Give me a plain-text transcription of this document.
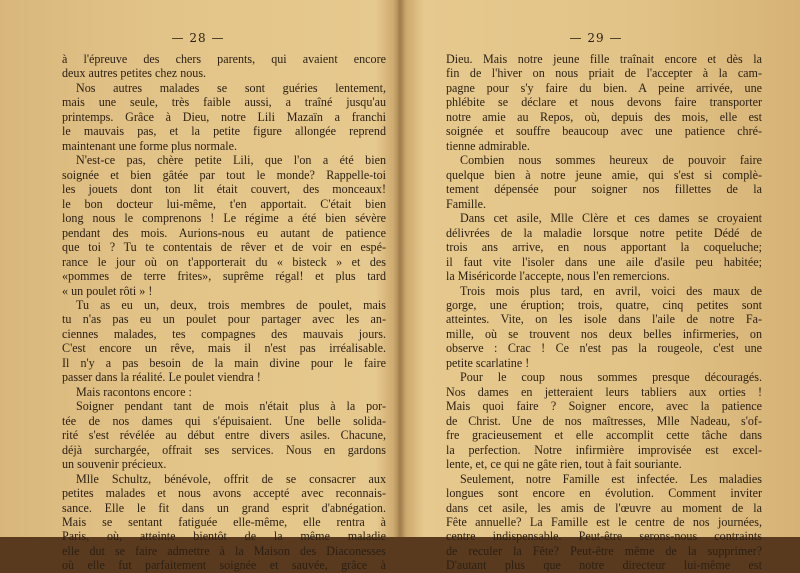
— 28 —
à l'épreuve des chers parents, qui avaient encore
deux autres petites chez nous.
Nos autres malades se sont guéries lentement,
mais une seule, très faible aussi, a traîné jusqu'au
printemps. Grâce à Dieu, notre Lili Mazaïn a franchi
le mauvais pas, et la petite figure allongée reprend
maintenant une forme plus normale.
N'est-ce pas, chère petite Lili, que l'on a été bien
soignée et bien gâtée par tout le monde? Rappelle-toi
les jouets dont ton lit était couvert, des monceaux!
le bon docteur lui-même, t'en apportait. C'était bien
long nous le comprenons ! Le régime a été bien sévère
pendant des mois. Aurions-nous eu autant de patience
que toi ? Tu te contentais de rêver et de voir en espé-
rance le jour où on t'apporterait du « bisteck » et des
«pommes de terre frites», suprême régal! et plus tard
« un poulet rôti » !
Tu as eu un, deux, trois membres de poulet, mais
tu n'as pas eu un poulet pour partager avec les an-
ciennes malades, tes compagnes des mauvais jours.
C'est encore un rêve, mais il n'est pas irréalisable.
Il n'y a pas besoin de la main divine pour le faire
passer dans la réalité. Le poulet viendra !
Mais racontons encore :
Soigner pendant tant de mois n'était plus à la por-
tée de nos dames qui s'épuisaient. Une belle solida-
rité s'est révélée au début entre divers asiles. Chacune,
déjà surchargée, offrait ses services. Nous en gardons
un souvenir précieux.
Mlle Schultz, bénévole, offrit de se consacrer aux
petites malades et nous avons accepté avec reconnais-
sance. Elle le fit dans un grand esprit d'abnégation.
Mais se sentant fatiguée elle-même, elle rentra à
Paris, où, atteinte bientôt de la même maladie
elle dut se faire admettre à la Maison des Diaconesses
où elle fut parfaitement soignée et sauvée, grâce à
— 29 —
Dieu. Mais notre jeune fille traînait encore et dès la
fin de l'hiver on nous priait de l'accepter à la cam-
pagne pour s'y faire du bien. A peine arrivée, une
phlébite se déclare et nous devons faire transporter
notre amie au Repos, où, depuis des mois, elle est
soignée et souffre beaucoup avec une patience chré-
tienne admirable.
Combien nous sommes heureux de pouvoir faire
quelque bien à notre jeune amie, qui s'est si complè-
tement dépensée pour soigner nos fillettes de la
Famille.
Dans cet asile, Mlle Clère et ces dames se croyaient
délivrées de la maladie lorsque notre petite Dédé de
trois ans arrive, en nous apportant la coqueluche;
il faut vite l'isoler dans une aile d'asile peu habitée;
la Miséricorde l'accepte, nous l'en remercions.
Trois mois plus tard, en avril, voici des maux de
gorge, une éruption; trois, quatre, cinq petites sont
atteintes. Vite, on les isole dans l'aile de notre Fa-
mille, où se trouvent nos deux belles infirmeries, on
observe : Crac ! Ce n'est pas la rougeole, c'est une
petite scarlatine !
Pour le coup nous sommes presque découragés.
Nos dames en jetteraient leurs tabliers aux orties !
Mais quoi faire ? Soigner encore, avec la patience
de Christ. Une de nos maîtresses, Mlle Nadeau, s'of-
fre gracieusement et elle accomplit cette tâche dans
la perfection. Notre infirmière improvisée est excel-
lente, et, ce qui ne gâte rien, tout à fait souriante.
Seulement, notre Famille est infectée. Les maladies
longues sont encore en évolution. Comment inviter
dans cet asile, les amis de l'œuvre au moment de la
Fête annuelle? La Famille est le centre de nos journées,
centre indispensable. Peut-être serons-nous contraints
de reculer la Fête? Peut-être même de la supprimer?
D'autant plus que notre directeur lui-même est
